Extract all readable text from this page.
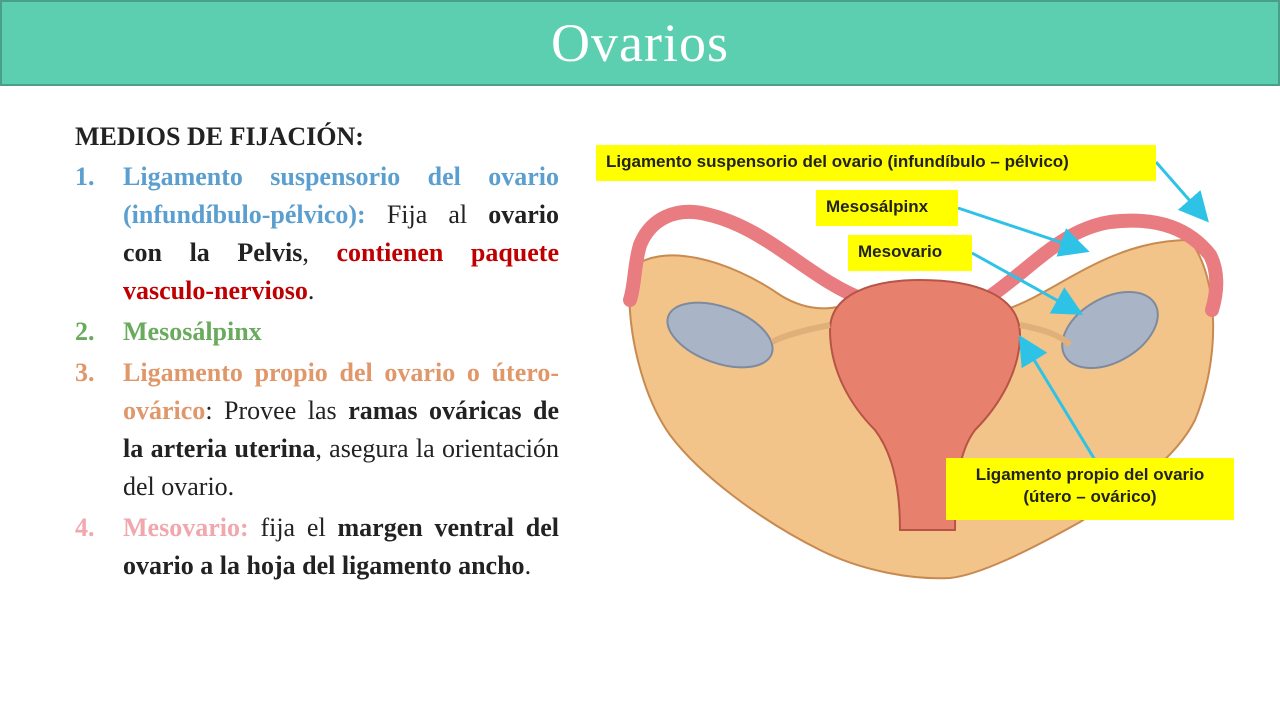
Ovarios

MEDIOS DE FIJACIÓN:

1. Ligamento suspensorio del ovario (infundíbulo-pélvico): Fija al ovario con la Pelvis, contienen paquete vasculo-nervioso.
2. Mesosálpinx
3. Ligamento propio del ovario o útero-ovárico: Provee las ramas ováricas de la arteria uterina, asegura la orientación del ovario.
4. Mesovario: fija el margen ventral del ovario a la hoja del ligamento ancho.
Ligamento suspensorio del ovario (infundíbulo – pélvico)
Mesosálpinx
Mesovario
Ligamento propio del ovario
(útero – ovárico)
